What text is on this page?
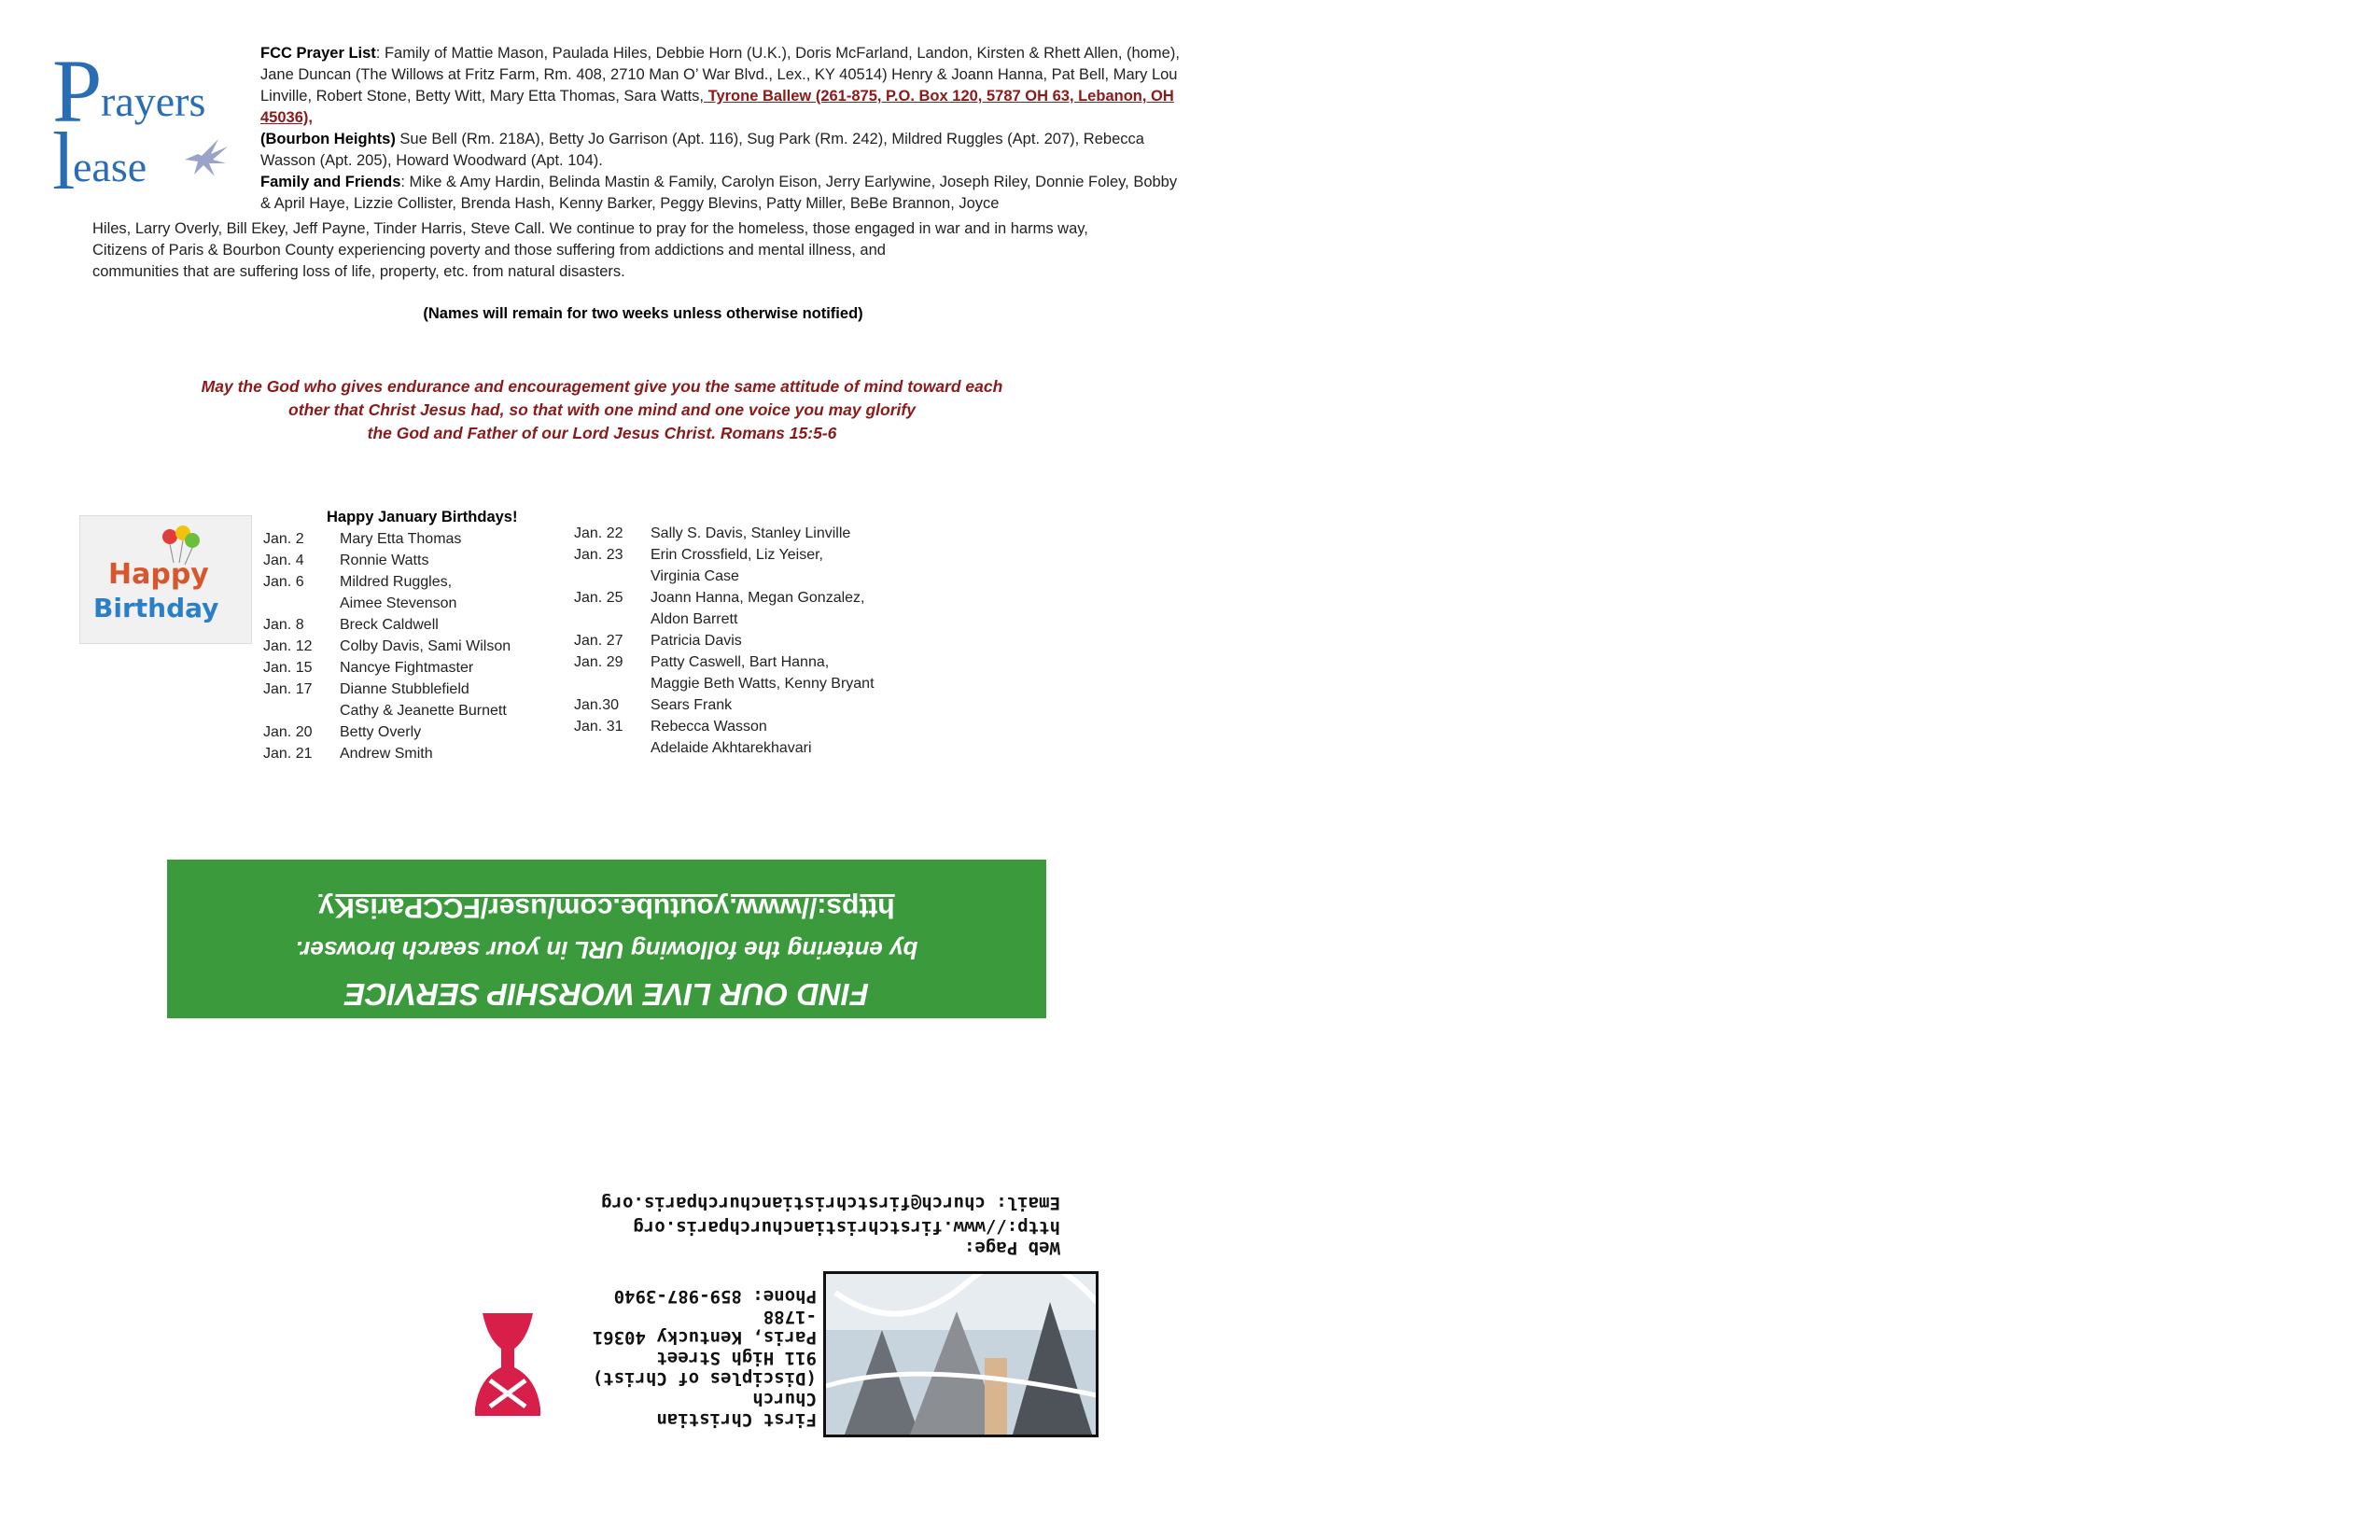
P
rayers
l
ease
FCC Prayer List: Family of Mattie Mason, Paulada Hiles, Debbie Horn (U.K.), Doris McFarland, Landon, Kirsten & Rhett Allen, (home), Jane Duncan (The Willows at Fritz Farm, Rm. 408, 2710 Man O’ War Blvd., Lex., KY 40514) Henry & Joann Hanna, Pat Bell, Mary Lou Linville, Robert Stone, Betty Witt, Mary Etta Thomas, Sara Watts, Tyrone Ballew (261-875, P.O. Box 120, 5787 OH 63, Lebanon, OH 45036),
(Bourbon Heights) Sue Bell (Rm. 218A), Betty Jo Garrison (Apt. 116), Sug Park (Rm. 242), Mildred Ruggles (Apt. 207), Rebecca Wasson (Apt. 205), Howard Woodward (Apt. 104).
Family and Friends: Mike & Amy Hardin, Belinda Mastin & Family, Carolyn Eison, Jerry Earlywine, Joseph Riley, Donnie Foley, Bobby & April Haye, Lizzie Collister, Brenda Hash, Kenny Barker, Peggy Blevins, Patty Miller, BeBe Brannon, Joyce
Hiles, Larry Overly, Bill Ekey, Jeff Payne, Tinder Harris, Steve Call. We continue to pray for the homeless, those engaged in war and in harms way,
Citizens of Paris & Bourbon County experiencing poverty and those suffering from addictions and mental illness, and
communities that are suffering loss of life, property, etc. from natural disasters.
(Names will remain for two weeks unless otherwise notified)
May the God who gives endurance and encouragement give you the same attitude of mind toward each
other that Christ Jesus had, so that with one mind and one voice you may glorify
the God and Father of our Lord Jesus Christ. Romans 15:5-6
Happy
Birthday
Happy January Birthdays!
Jan. 2	Mary Etta Thomas
Jan. 4	Ronnie Watts
Jan. 6	Mildred Ruggles,
Aimee Stevenson
Jan. 8	Breck Caldwell
Jan. 12	Colby Davis, Sami Wilson
Jan. 15	Nancye Fightmaster
Jan. 17	Dianne Stubblefield
Cathy & Jeanette Burnett
Jan. 20	Betty Overly
Jan. 21	Andrew Smith
Jan. 22	Sally S. Davis, Stanley Linville
Jan. 23	Erin Crossfield, Liz Yeiser,
Virginia Case
Jan. 25	Joann Hanna, Megan Gonzalez,
Aldon Barrett
Jan. 27	Patricia Davis
Jan. 29	Patty Caswell, Bart Hanna,
Maggie Beth Watts, Kenny Bryant
Jan.30	Sears Frank
Jan. 31	Rebecca Wasson
Adelaide Akhtarekhavari
https://www.youtube.com/user/FCCParisKy
by entering the following URL in your search browser.
FIND OUR LIVE WORSHIP SERVICE
Web Page: http://www.firstchristianchurchparis.org
Email: church@firstchristianchurchparis.org
First Christian Church
(Disciples of Christ)
911 High Street
Paris, Kentucky 40361
-1788
Phone: 859-987-3940
